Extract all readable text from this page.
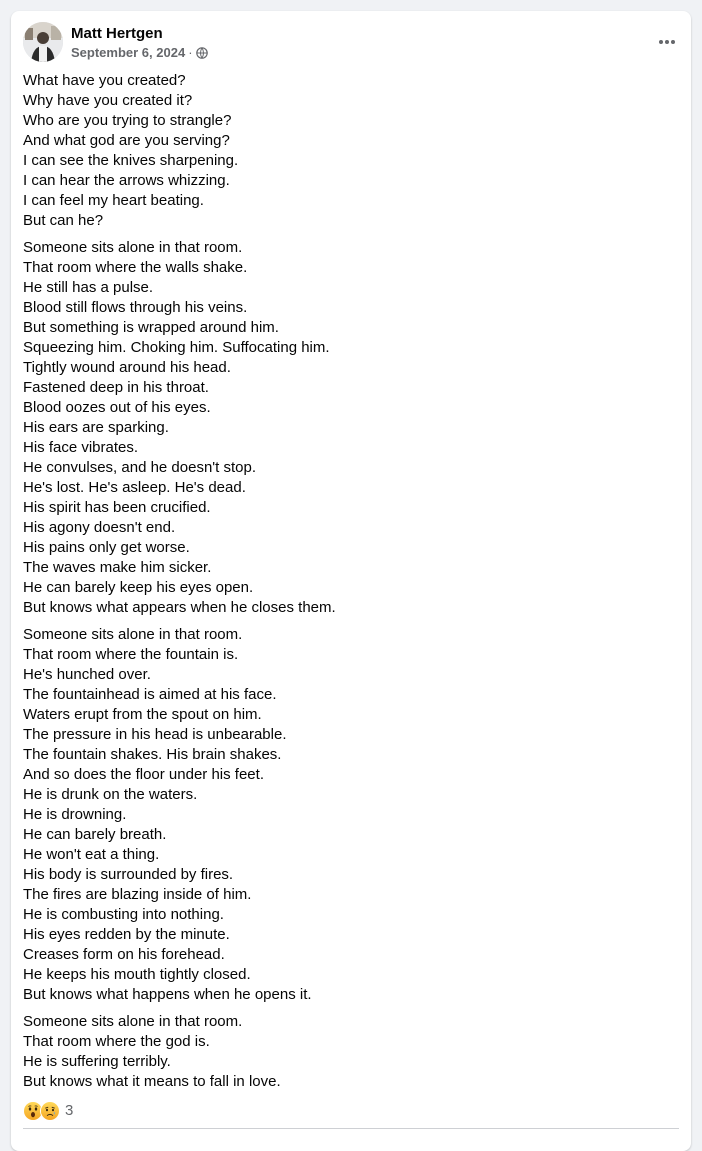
Matt Hertgen
September 6, 2024 ·
What have you created?
Why have you created it?
Who are you trying to strangle?
And what god are you serving?
I can see the knives sharpening.
I can hear the arrows whizzing.
I can feel my heart beating.
But can he?
Someone sits alone in that room.
That room where the walls shake.
He still has a pulse.
Blood still flows through his veins.
But something is wrapped around him.
Squeezing him. Choking him. Suffocating him.
Tightly wound around his head.
Fastened deep in his throat.
Blood oozes out of his eyes.
His ears are sparking.
His face vibrates.
He convulses, and he doesn't stop.
He's lost. He's asleep. He's dead.
His spirit has been crucified.
His agony doesn't end.
His pains only get worse.
The waves make him sicker.
He can barely keep his eyes open.
But knows what appears when he closes them.
Someone sits alone in that room.
That room where the fountain is.
He's hunched over.
The fountainhead is aimed at his face.
Waters erupt from the spout on him.
The pressure in his head is unbearable.
The fountain shakes. His brain shakes.
And so does the floor under his feet.
He is drunk on the waters.
He is drowning.
He can barely breath.
He won't eat a thing.
His body is surrounded by fires.
The fires are blazing inside of him.
He is combusting into nothing.
His eyes redden by the minute.
Creases form on his forehead.
He keeps his mouth tightly closed.
But knows what happens when he opens it.
Someone sits alone in that room.
That room where the god is.
He is suffering terribly.
But knows what it means to fall in love.
3
